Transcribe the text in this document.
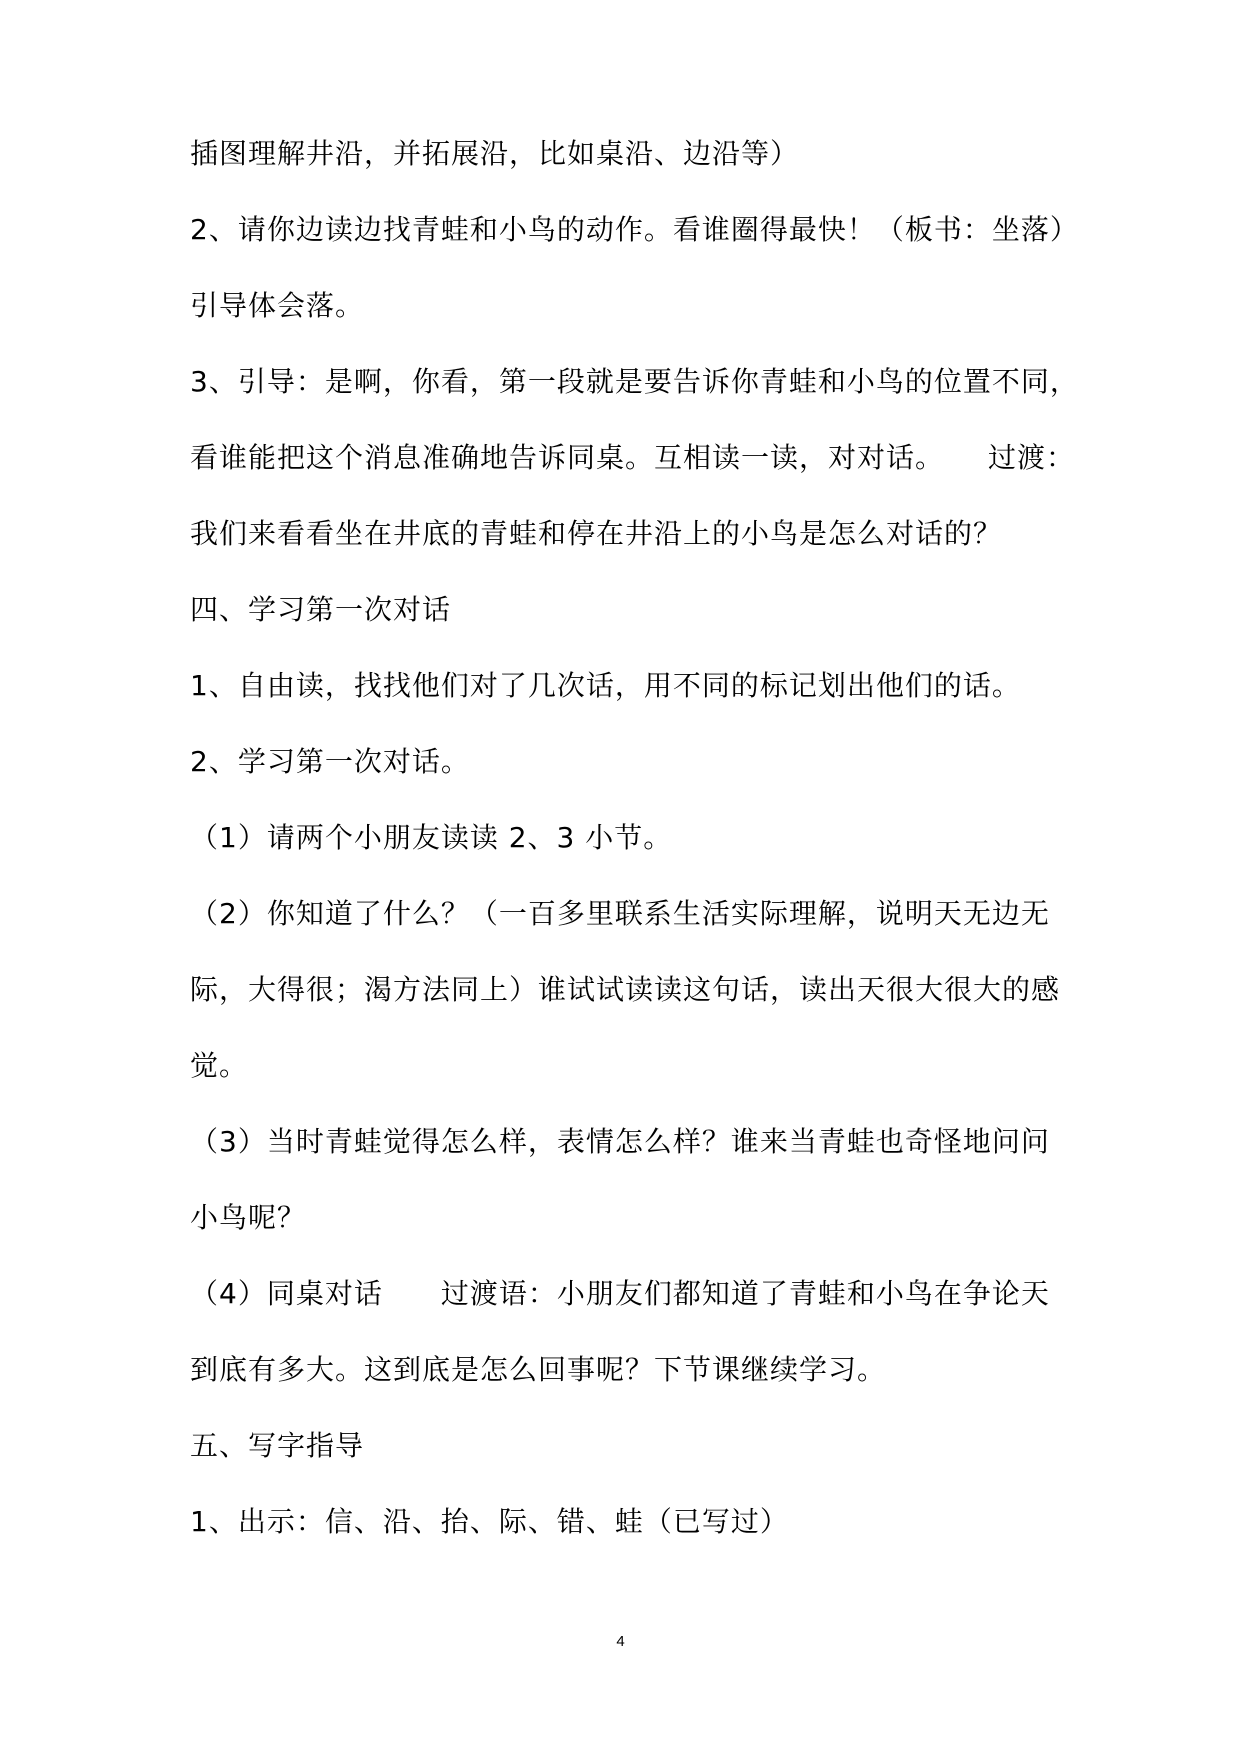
插图理解井沿，并拓展沿，比如桌沿、边沿等）
2、请你边读边找青蛙和小鸟的动作。看谁圈得最快！（板书：坐落）
引导体会落。
3、引导：是啊，你看，第一段就是要告诉你青蛙和小鸟的位置不同，
看谁能把这个消息准确地告诉同桌。互相读一读，对对话。　　过渡：
我们来看看坐在井底的青蛙和停在井沿上的小鸟是怎么对话的？
四、学习第一次对话
1、自由读，找找他们对了几次话，用不同的标记划出他们的话。
2、学习第一次对话。
（1）请两个小朋友读读 2、3 小节。
（2）你知道了什么？（一百多里联系生活实际理解，说明天无边无
际，大得很；渴方法同上）谁试试读读这句话，读出天很大很大的感
觉。
（3）当时青蛙觉得怎么样，表情怎么样？谁来当青蛙也奇怪地问问
小鸟呢？
（4）同桌对话　　过渡语：小朋友们都知道了青蛙和小鸟在争论天
到底有多大。这到底是怎么回事呢？下节课继续学习。
五、写字指导
1、出示：信、沿、抬、际、错、蛙（已写过）
4
